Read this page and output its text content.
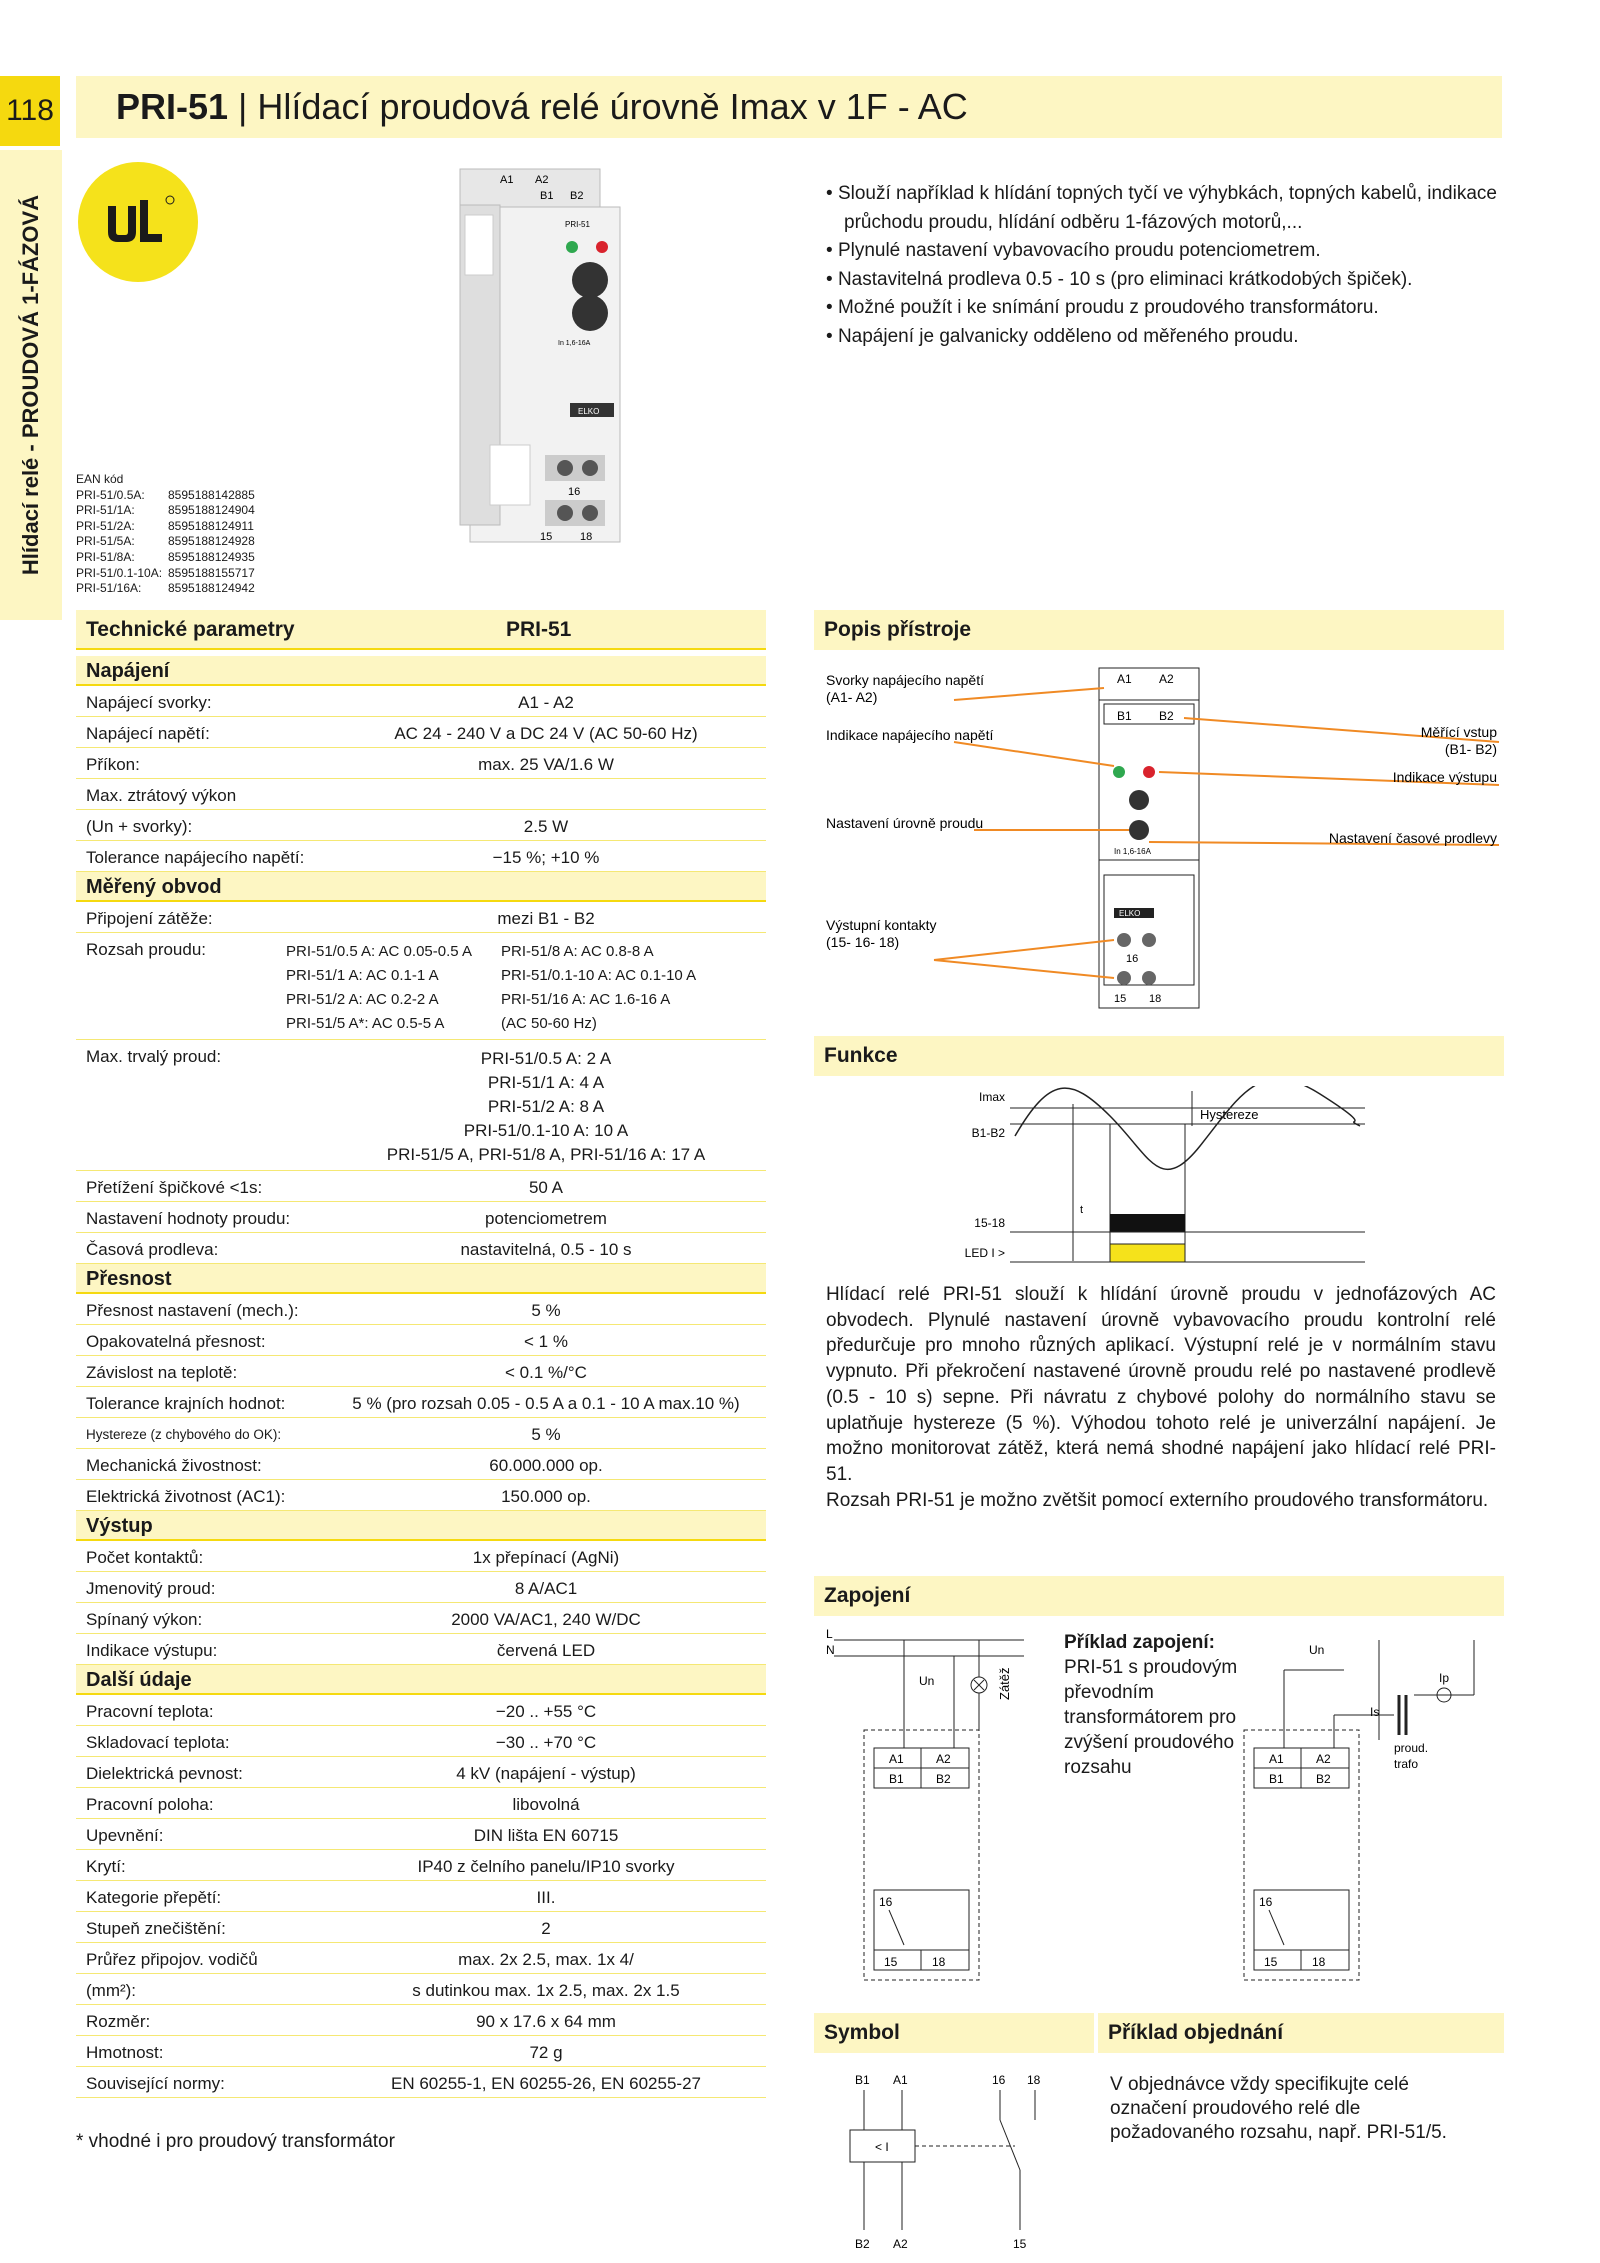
118	PRI-51 | Hlídací proudová relé úrovně Imax v 1F - AC
Hlídací relé - PROUDOVÁ 1-FÁZOVÁ
A1 A2
B1 B2
PRI-51
In 1,6-16A
ELKO
16
15	18
EAN kód
PRI-51/0.5A:	8595188142885
PRI-51/1A:	8595188124904
PRI-51/2A:	8595188124911
PRI-51/5A:	8595188124928
PRI-51/8A:	8595188124935
PRI-51/0.1-10A: 8595188155717
PRI-51/16A:	8595188124942
• Slouží například k hlídání topných tyčí ve výhybkách, topných kabelů, indikace průchodu proudu, hlídání odběru 1-fázových motorů,...
• Plynulé nastavení vybavovacího proudu potenciometrem.
• Nastavitelná prodleva 0.5 - 10 s (pro eliminaci krátkodobých špiček).
• Možné použít i ke snímání proudu z proudového transformátoru.
• Napájení je galvanicky odděleno od měřeného proudu.
Technické parametry	PRI-51
Napájení
Napájecí svorky:	A1 - A2
Napájecí napětí:	AC 24 - 240 V a DC 24 V (AC 50-60 Hz)
Příkon:	max. 25 VA/1.6 W
Max. ztrátový výkon
(Un + svorky):	2.5 W
Tolerance napájecího napětí:	−15 %; +10 %
Měřený obvod
Připojení zátěže:	mezi B1 - B2
Rozsah proudu:	PRI-51/0.5 A: AC 0.05-0.5 A	PRI-51/8 A: AC 0.8-8 A
PRI-51/1 A: AC 0.1-1 A	PRI-51/0.1-10 A: AC 0.1-10 A
PRI-51/2 A: AC 0.2-2 A	PRI-51/16 A: AC 1.6-16 A
PRI-51/5 A*: AC 0.5-5 A	(AC 50-60 Hz)
Max. trvalý proud:	PRI-51/0.5 A: 2 A
PRI-51/1 A: 4 A
PRI-51/2 A: 8 A
PRI-51/0.1-10 A: 10 A
PRI-51/5 A, PRI-51/8 A, PRI-51/16 A: 17 A
Přetížení špičkové <1s:	50 A
Nastavení hodnoty proudu:	potenciometrem
Časová prodleva:	nastavitelná, 0.5 - 10 s
Přesnost
Přesnost nastavení (mech.):	5 %
Opakovatelná přesnost:	< 1 %
Závislost na teplotě:	< 0.1 %/°C
Tolerance krajních hodnot:	5 % (pro rozsah 0.05 - 0.5 A a 0.1 - 10 A max.10 %)
Hystereze (z chybového do OK):	5 %
Mechanická živostnost:	60.000.000 op.
Elektrická životnost (AC1):	150.000 op.
Výstup
Počet kontaktů:	1x přepínací (AgNi)
Jmenovitý proud:	8 A/AC1
Spínaný výkon:	2000 VA/AC1, 240 W/DC
Indikace výstupu:	červená LED
Další údaje
Pracovní teplota:	−20 .. +55 °C
Skladovací teplota:	−30 .. +70 °C
Dielektrická pevnost:	4 kV (napájení - výstup)
Pracovní poloha:	libovolná
Upevnění:	DIN lišta EN 60715
Krytí:	IP40 z čelního panelu/IP10 svorky
Kategorie přepětí:	III.
Stupeň znečištění:	2
Průřez připojov. vodičů	max. 2x 2.5, max. 1x 4/
(mm²):	s dutinkou max. 1x 2.5, max. 2x 1.5
Rozměr:	90 x 17.6 x 64 mm
Hmotnost:	72 g
Související normy:	EN 60255-1, EN 60255-26, EN 60255-27
* vhodné i pro proudový transformátor
Popis přístroje
A1 A2
B1 B2
In 1,6-16A
ELKO
16
15 18
Svorky napájecího napětí
(A1- A2)
Indikace napájecího napětí
Nastavení úrovně proudu
Výstupní kontakty
(15- 16- 18)
Měřící vstup
(B1- B2)
Indikace výstupu
Nastavení časové prodlevy
Funkce
Imax
B1-B2
Hystereze
15-18
LED I >
t

Hlídací relé PRI-51 slouží k hlídání úrovně proudu v jednofázových AC obvodech. Plynulé nastavení úrovně vybavovacího proudu kontrolní relé předurčuje pro mnoho různých aplikací. Výstupní relé je v normálním stavu vypnuto. Při překročení nastavené úrovně proudu relé po nastavené prodlevě (0.5 - 10 s) sepne. Při návratu z chybové polohy do normálního stavu se uplatňuje hystereze (5 %). Výhodou tohoto relé je univerzální napájení. Je možno monitorovat zátěž, která nemá shodné napájení jako hlídací relé PRI-51.

Rozsah PRI-51 je možno zvětšit pomocí externího proudového transformátoru.

Zapojení
L
N
Un	Zátěž
A1	A2
B1	B2
16
15	18
A1	A2
B1	B2
16
15	18
Un
Ip
Is
proud.
trafo
Příklad zapojení:
PRI-51 s proudovým převodním transformátorem pro zvýšení proudového rozsahu
Symbol	Příklad objednání
B1 A1	16 18
< I
B2 A2	15
V objednávce vždy specifikujte celé označení proudového relé dle požadovaného rozsahu, např. PRI-51/5.
